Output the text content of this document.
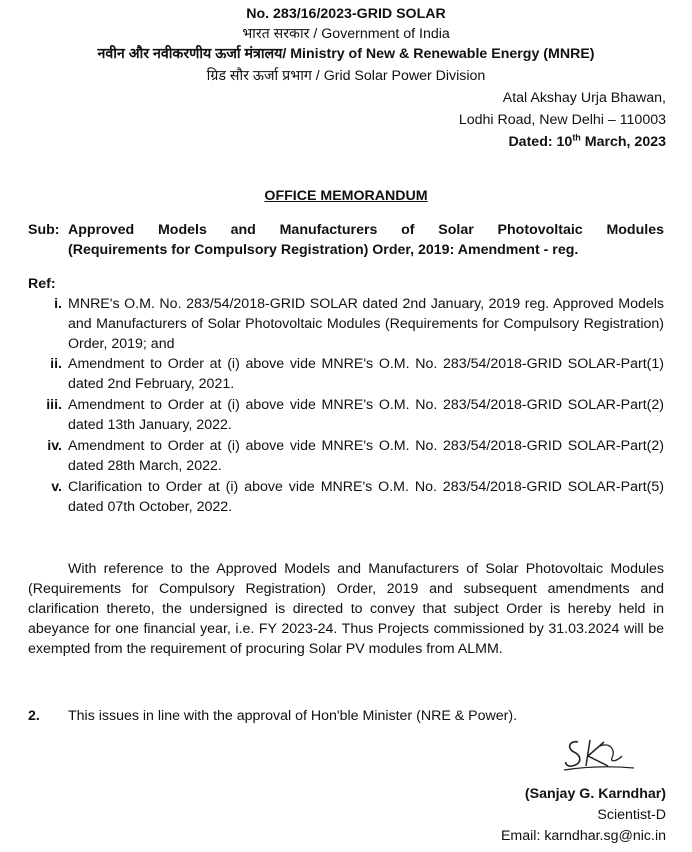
No. 283/16/2023-GRID SOLAR
भारत सरकार / Government of India
नवीन और नवीकरणीय ऊर्जा मंत्रालय/ Ministry of New & Renewable Energy (MNRE)
ग्रिड सौर ऊर्जा प्रभाग / Grid Solar Power Division
Atal Akshay Urja Bhawan,
Lodhi Road, New Delhi – 110003
Dated: 10th March, 2023
OFFICE MEMORANDUM
Sub: Approved Models and Manufacturers of Solar Photovoltaic Modules
(Requirements for Compulsory Registration) Order, 2019: Amendment - reg.
Ref:
i. MNRE's O.M. No. 283/54/2018-GRID SOLAR dated 2nd January, 2019 reg. Approved Models and Manufacturers of Solar Photovoltaic Modules (Requirements for Compulsory Registration) Order, 2019; and
ii. Amendment to Order at (i) above vide MNRE's O.M. No. 283/54/2018-GRID SOLAR-Part(1) dated 2nd February, 2021.
iii. Amendment to Order at (i) above vide MNRE's O.M. No. 283/54/2018-GRID SOLAR-Part(2) dated 13th January, 2022.
iv. Amendment to Order at (i) above vide MNRE's O.M. No. 283/54/2018-GRID SOLAR-Part(2) dated 28th March, 2022.
v. Clarification to Order at (i) above vide MNRE's O.M. No. 283/54/2018-GRID SOLAR-Part(5) dated 07th October, 2022.
With reference to the Approved Models and Manufacturers of Solar Photovoltaic Modules (Requirements for Compulsory Registration) Order, 2019 and subsequent amendments and clarification thereto, the undersigned is directed to convey that subject Order is hereby held in abeyance for one financial year, i.e. FY 2023-24. Thus Projects commissioned by 31.03.2024 will be exempted from the requirement of procuring Solar PV modules from ALMM.
2. This issues in line with the approval of Hon'ble Minister (NRE & Power).
(Sanjay G. Karndhar)
Scientist-D
Email: karndhar.sg@nic.in
